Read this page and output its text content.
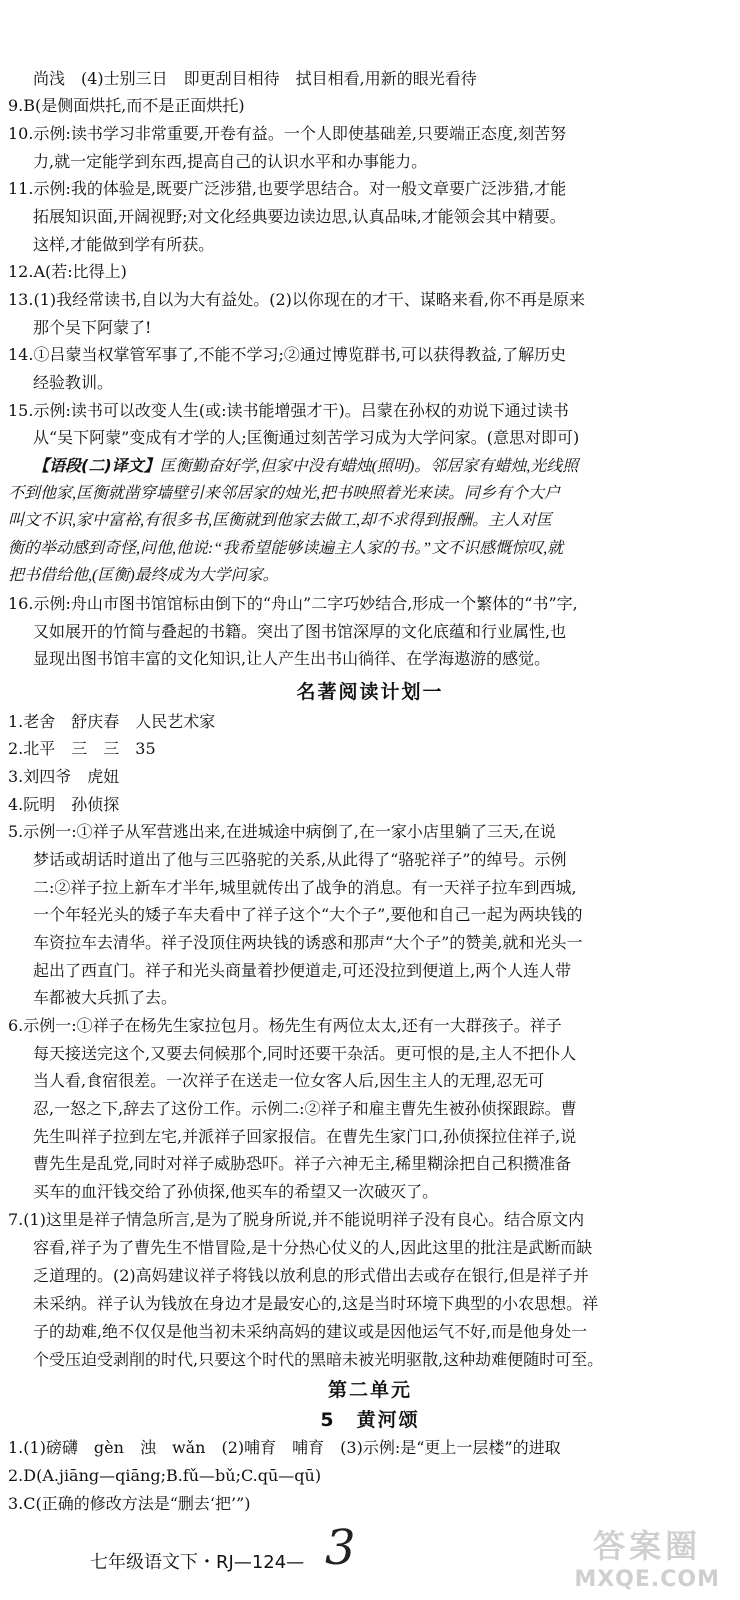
尚浅　(4)士别三日　即更刮目相待　拭目相看,用新的眼光看待
9.B(是侧面烘托,而不是正面烘托)
10.示例:读书学习非常重要,开卷有益。一个人即使基础差,只要端正态度,刻苦努
力,就一定能学到东西,提高自己的认识水平和办事能力。
11.示例:我的体验是,既要广泛涉猎,也要学思结合。对一般文章要广泛涉猎,才能
拓展知识面,开阔视野;对文化经典要边读边思,认真品味,才能领会其中精要。
这样,才能做到学有所获。
12.A(若:比得上)
13.(1)我经常读书,自以为大有益处。(2)以你现在的才干、谋略来看,你不再是原来
那个吴下阿蒙了!
14.①吕蒙当权掌管军事了,不能不学习;②通过博览群书,可以获得教益,了解历史
经验教训。
15.示例:读书可以改变人生(或:读书能增强才干)。吕蒙在孙权的劝说下通过读书
从“吴下阿蒙”变成有才学的人;匡衡通过刻苦学习成为大学问家。(意思对即可)
【语段(二)译文】匡衡勤奋好学,但家中没有蜡烛(照明)。邻居家有蜡烛,光线照
不到他家,匡衡就凿穿墙壁引来邻居家的烛光,把书映照着光来读。同乡有个大户
叫文不识,家中富裕,有很多书,匡衡就到他家去做工,却不求得到报酬。主人对匡
衡的举动感到奇怪,问他,他说:“我希望能够读遍主人家的书。”文不识感慨惊叹,就
把书借给他,(匡衡)最终成为大学问家。
16.示例:舟山市图书馆馆标由倒下的“舟山”二字巧妙结合,形成一个繁体的“书”字,
又如展开的竹简与叠起的书籍。突出了图书馆深厚的文化底蕴和行业属性,也
显现出图书馆丰富的文化知识,让人产生出书山徜徉、在学海遨游的感觉。
名著阅读计划一
1.老舍　舒庆春　人民艺术家
2.北平　三　三　35
3.刘四爷　虎妞
4.阮明　孙侦探
5.示例一:①祥子从军营逃出来,在进城途中病倒了,在一家小店里躺了三天,在说
梦话或胡话时道出了他与三匹骆驼的关系,从此得了“骆驼祥子”的绰号。示例
二:②祥子拉上新车才半年,城里就传出了战争的消息。有一天祥子拉车到西城,
一个年轻光头的矮子车夫看中了祥子这个“大个子”,要他和自己一起为两块钱的
车资拉车去清华。祥子没顶住两块钱的诱惑和那声“大个子”的赞美,就和光头一
起出了西直门。祥子和光头商量着抄便道走,可还没拉到便道上,两个人连人带
车都被大兵抓了去。
6.示例一:①祥子在杨先生家拉包月。杨先生有两位太太,还有一大群孩子。祥子
每天接送完这个,又要去伺候那个,同时还要干杂活。更可恨的是,主人不把仆人
当人看,食宿很差。一次祥子在送走一位女客人后,因生主人的无理,忍无可
忍,一怒之下,辞去了这份工作。示例二:②祥子和雇主曹先生被孙侦探跟踪。曹
先生叫祥子拉到左宅,并派祥子回家报信。在曹先生家门口,孙侦探拉住祥子,说
曹先生是乱党,同时对祥子威胁恐吓。祥子六神无主,稀里糊涂把自己积攒准备
买车的血汗钱交给了孙侦探,他买车的希望又一次破灭了。
七年级语文下・RJ—124— 3	答案圈
MXQE.COM
7.(1)这里是祥子情急所言,是为了脱身所说,并不能说明祥子没有良心。结合原文内
容看,祥子为了曹先生不惜冒险,是十分热心仗义的人,因此这里的批注是武断而缺
乏道理的。(2)高妈建议祥子将钱以放利息的形式借出去或存在银行,但是祥子并
未采纳。祥子认为钱放在身边才是最安心的,这是当时环境下典型的小农思想。祥
子的劫难,绝不仅仅是他当初未采纳高妈的建议或是因他运气不好,而是他身处一
个受压迫受剥削的时代,只要这个时代的黑暗未被光明驱散,这种劫难便随时可至。
第二单元
5　黄河颂
1.(1)磅礴　gèn　浊　wǎn　(2)哺育　哺育　(3)示例:是“更上一层楼”的进取
2.D(A.jiāng—qiāng;B.fǔ—bǔ;C.qū—qū)
3.C(正确的修改方法是“删去‘把’”)
